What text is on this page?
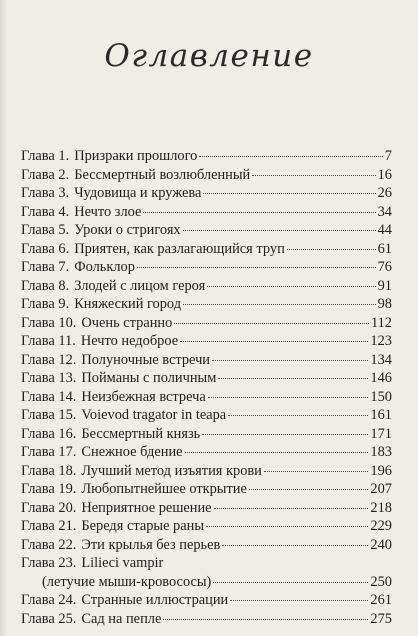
Оглавление
Глава 1. Призраки прошлого	7
Глава 2. Бессмертный возлюбленный	16
Глава 3. Чудовища и кружева	26
Глава 4. Нечто злое	34
Глава 5. Уроки о стригоях	44
Глава 6. Приятен, как разлагающийся труп	61
Глава 7. Фольклор	76
Глава 8. Злодей с лицом героя	91
Глава 9. Княжеский город	98
Глава 10. Очень странно	112
Глава 11. Нечто недоброе	123
Глава 12. Полуночные встречи	134
Глава 13. Пойманы с поличным	146
Глава 14. Неизбежная встреча	150
Глава 15. Voievod tragator in teapa	161
Глава 16. Бессмертный князь	171
Глава 17. Снежное бдение	183
Глава 18. Лучший метод изъятия крови	196
Глава 19. Любопытнейшее открытие	207
Глава 20. Неприятное решение	218
Глава 21. Бередя старые раны	229
Глава 22. Эти крылья без перьев	240
Глава 23. Liliecі vampir
(летучие мыши-кровососы)	250
Глава 24. Странные иллюстрации	261
Глава 25. Сад на пепле	275
